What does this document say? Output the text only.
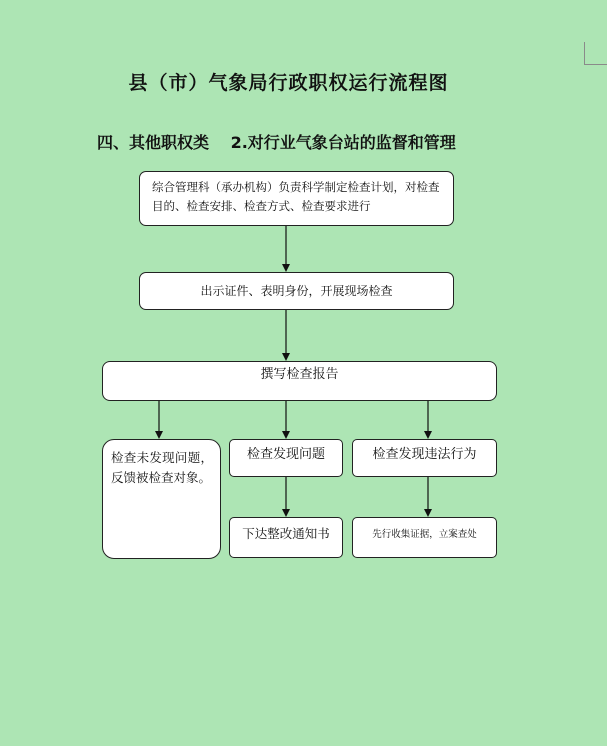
县（市）气象局行政职权运行流程图
四、其他职权类 2.对行业气象台站的监督和管理
综合管理科（承办机构）负责科学制定检查计划，对检查目的、检查安排、检查方式、检查要求进行
出示证件、表明身份，开展现场检查
撰写检查报告
检查未发现问题，反馈被检查对象。
检查发现问题	检查发现违法行为
下达整改通知书	先行收集证据，立案查处
